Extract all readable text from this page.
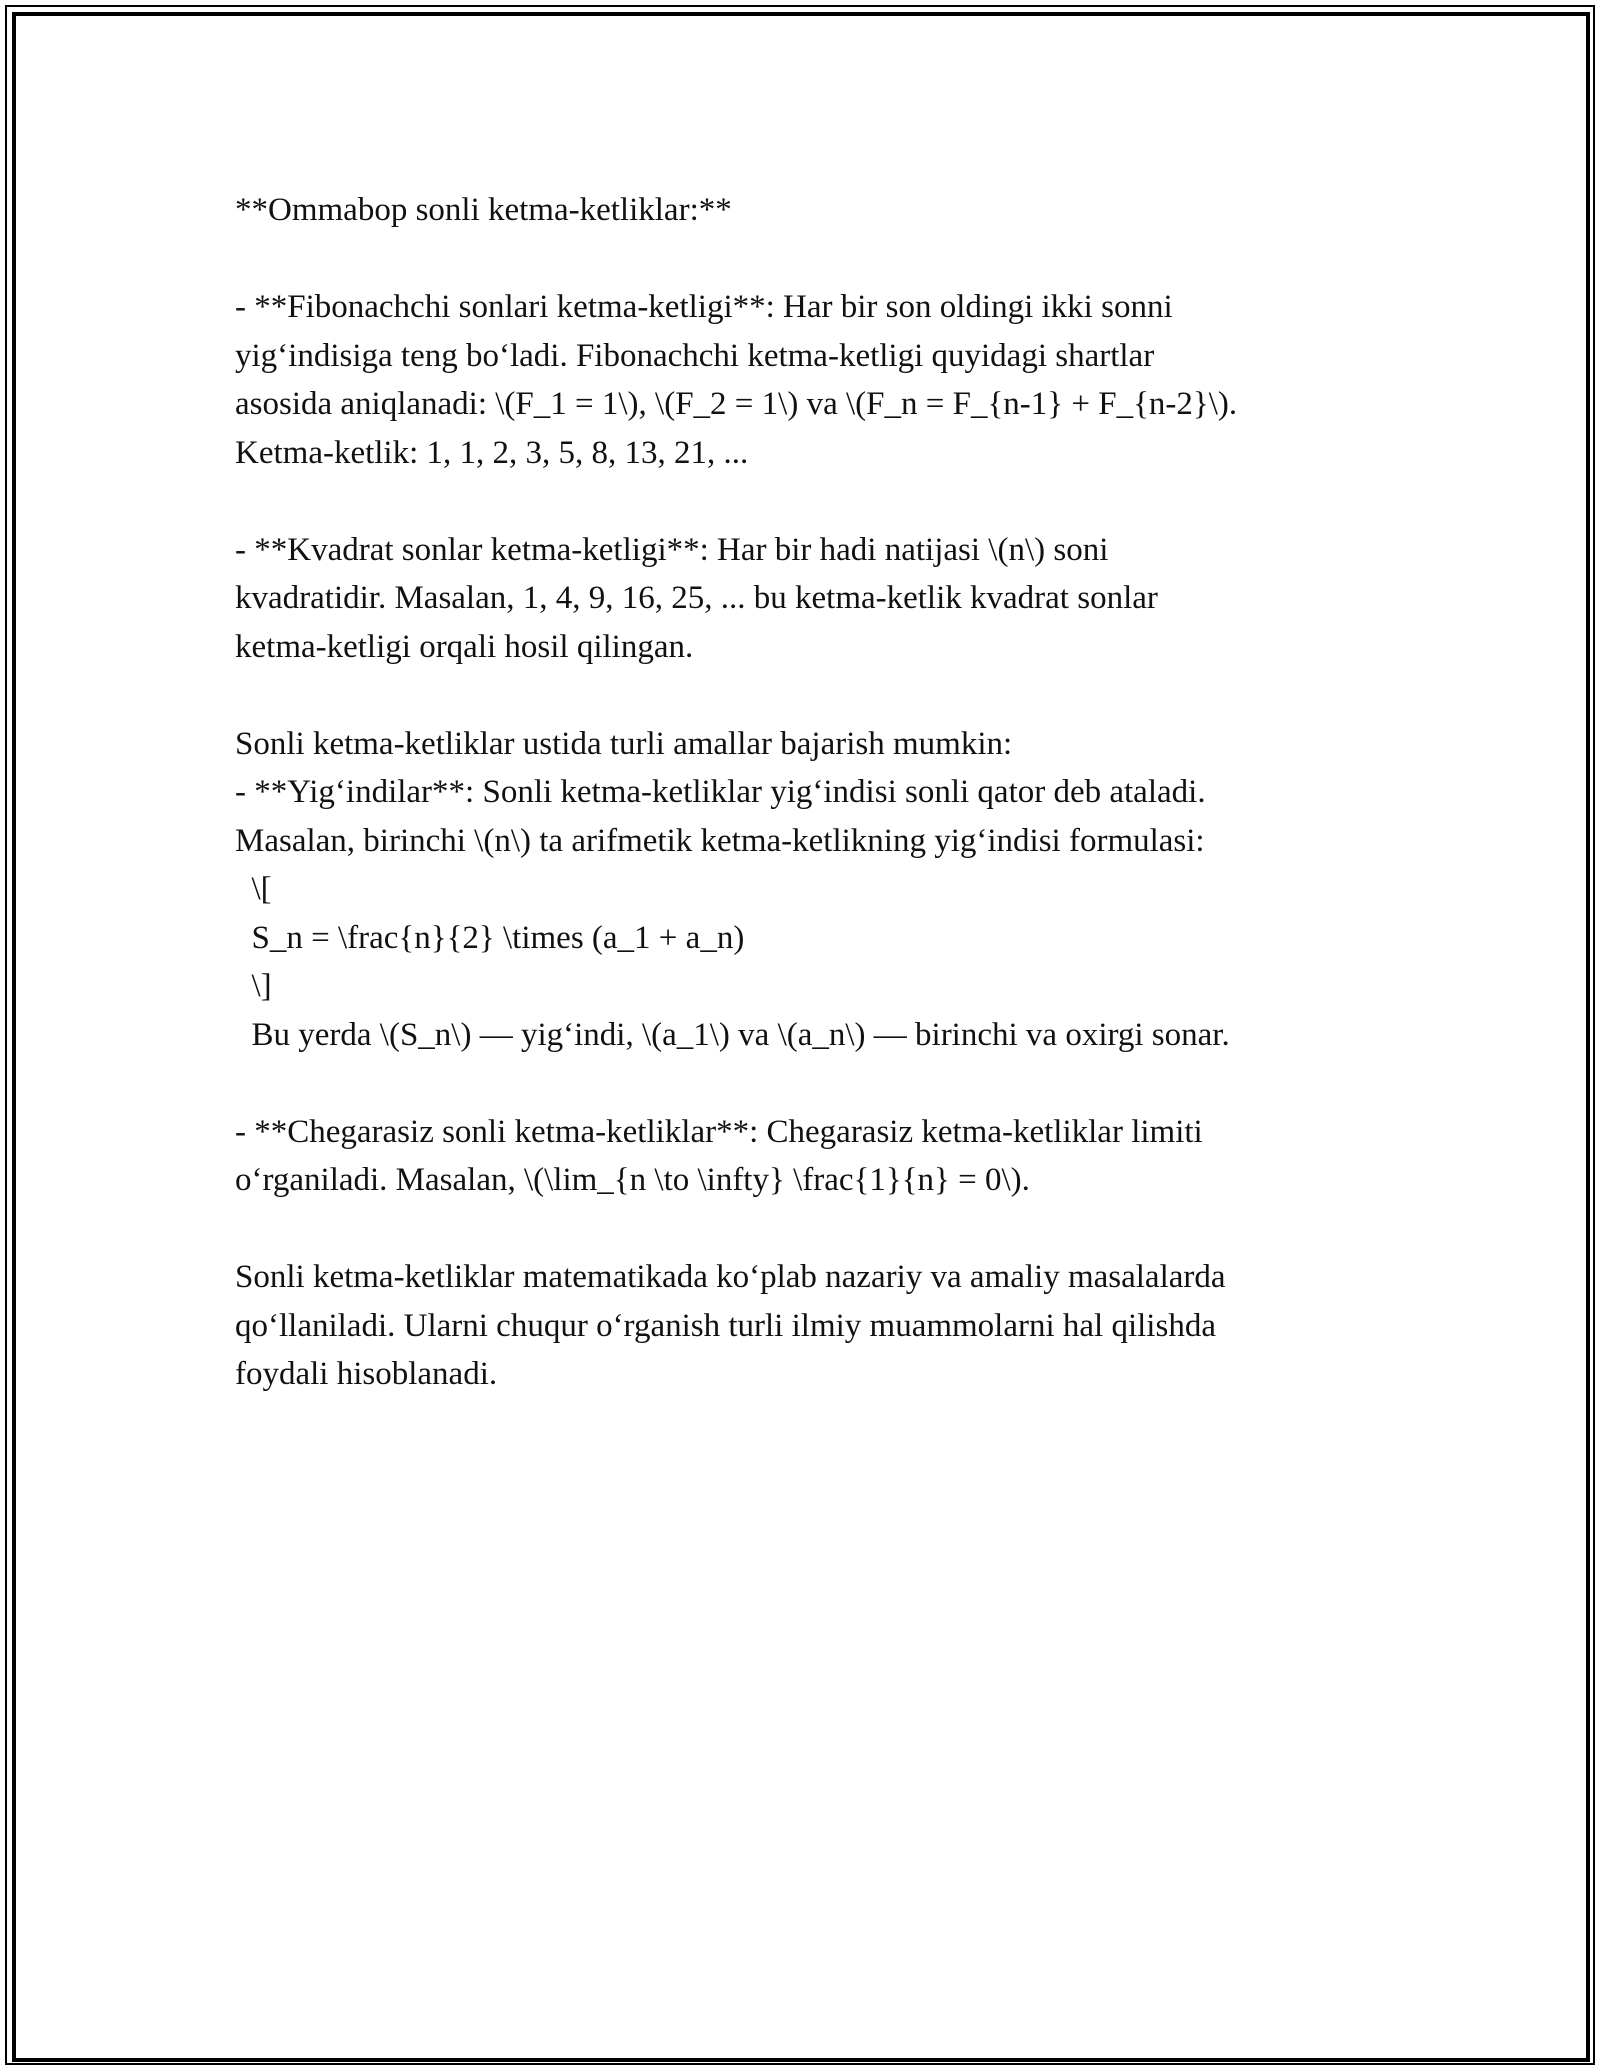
**Ommabop sonli ketma-ketliklar:**
- **Fibonachchi sonlari ketma-ketligi**: Har bir son oldingi ikki sonni
yig‘indisiga teng bo‘ladi. Fibonachchi ketma-ketligi quyidagi shartlar
asosida aniqlanadi: \(F_1 = 1\), \(F_2 = 1\) va \(F_n = F_{n-1} + F_{n-2}\).
Ketma-ketlik: 1, 1, 2, 3, 5, 8, 13, 21, ...
- **Kvadrat sonlar ketma-ketligi**: Har bir hadi natijasi \(n\) soni
kvadratidir. Masalan, 1, 4, 9, 16, 25, ... bu ketma-ketlik kvadrat sonlar
ketma-ketligi orqali hosil qilingan.
Sonli ketma-ketliklar ustida turli amallar bajarish mumkin:
- **Yig‘indilar**: Sonli ketma-ketliklar yig‘indisi sonli qator deb ataladi.
Masalan, birinchi \(n\) ta arifmetik ketma-ketlikning yig‘indisi formulasi:
\[
S_n = \frac{n}{2} \times (a_1 + a_n)
\]
Bu yerda \(S_n\) — yig‘indi, \(a_1\) va \(a_n\) — birinchi va oxirgi sonar.
- **Chegarasiz sonli ketma-ketliklar**: Chegarasiz ketma-ketliklar limiti
o‘rganiladi. Masalan, \(\lim_{n \to \infty} \frac{1}{n} = 0\).
Sonli ketma-ketliklar matematikada ko‘plab nazariy va amaliy masalalarda
qo‘llaniladi. Ularni chuqur o‘rganish turli ilmiy muammolarni hal qilishda
foydali hisoblanadi.
